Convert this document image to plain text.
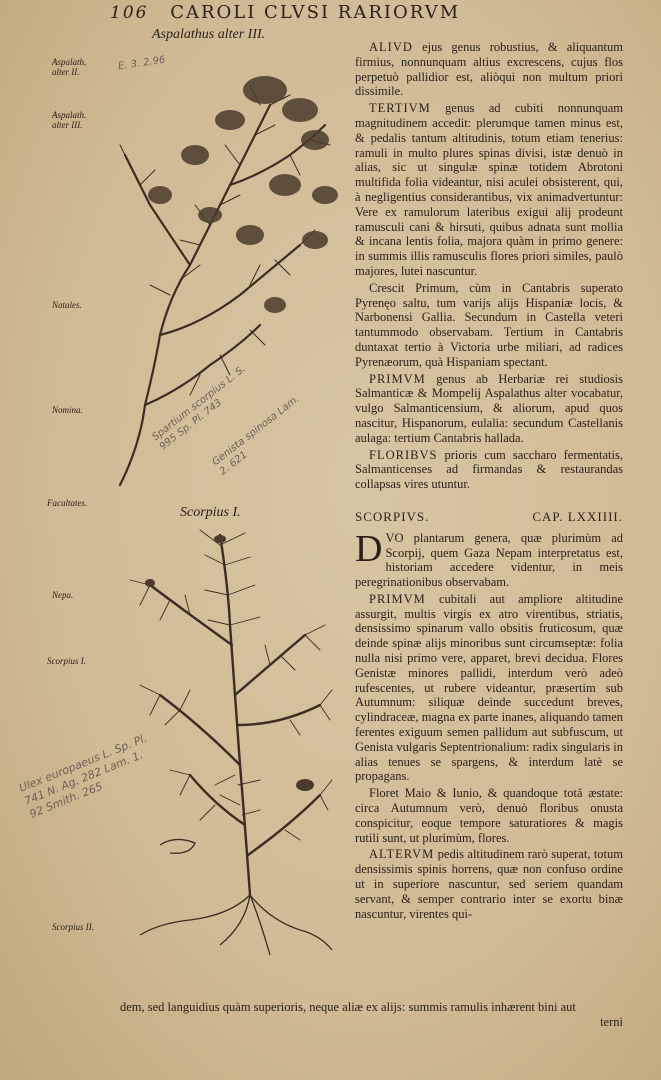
106 CAROLI CLVSI RARIORVM
Aspalathus alter III.
Scorpius I.
Aspalath. alter II.
Aspalath. alter III.
Natales.
Nomina.
Facultates.
Nepa.
Scorpius I.
Scorpius II.
E. 3. 2.96
Spartium scorpius L. S. 995 Sp. Pl. 743
Genista spinosa Lam. 2. 621
Ulex europaeus L. Sp. Pl. 741 N. Ag. 282 Lam. 1. 92 Smith. 265

ALIVD ejus genus robustius, & aliquantum firmius, nonnunquam altius excrescens, cujus flos perpetuò pallidior est, aliòqui non multum priori dissimile.

TERTIVM genus ad cubiti nonnunquam magnitudinem accedit: plerumque tamen minus est, & pedalis tantum altitudinis, totum etiam tenerius: ramuli in multo plures spinas divisi, istæ denuò in alias, sic ut singulæ spinæ totidem Abrotoni multifida folia videantur, nisi aculei obsisterent, qui, à negligentius considerantibus, vix animadvertuntur: Vere ex ramulorum lateribus exigui alij prodeunt ramusculi cani & hirsuti, quibus adnata sunt mollia & incana lentis folia, majora quàm in primo genere: in summis illis ramusculis flores priori similes, paulò majores, lutei nascuntur.

Crescit Primum, cùm in Cantabris superato Pyrenęo saltu, tum varijs alijs Hispaniæ locis, & Narbonensi Gallia. Secundum in Castella veteri tantummodo observabam. Tertium in Cantabris duntaxat tertio à Victoria urbe miliari, ad radices Pyrenæorum, quà Hispaniam spectant.

PRIMVM genus ab Herbariæ rei studiosis Salmanticæ & Mompelij Aspalathus alter vocabatur, vulgo Salmanticensium, & aliorum, apud quos nascitur, Hispanorum, eulalia: secundum Castellanis aulaga: tertium Cantabris hallada.

FLORIBVS prioris cum saccharo fermentatis, Salmanticenses ad firmandas & restaurandas collapsas vires utuntur.

SCORPIVS.	CAP. LXXIIII.

DVO plantarum genera, quæ plurimùm ad Scorpij, quem Gaza Nepam interpretatus est, historiam accedere videntur, in meis peregrinationibus observabam.

PRIMVM cubitali aut ampliore altitudine assurgit, multis virgis ex atro virentibus, striatis, densissimo spinarum vallo obsitis fruticosum, quæ deinde spinæ alijs minoribus sunt circumseptæ: folia nulla nisi primo vere, apparet, brevi decidua. Flores Genistæ minores pallidi, interdum verò adeò rufescentes, ut rubere videantur, præsertim sub Autumnum: siliquæ deinde succedunt breves, cylindraceæ, magna ex parte inanes, aliquando tamen ferentes exiguum semen pallidum aut subfuscum, ut Genista vulgaris Septentrionalium: radix singularis in alias tenues se spargens, & interdum latè se propagans.

Floret Maio & Iunio, & quandoque totâ æstate: circa Autumnum verò, denuò floribus onusta conspicitur, eoque tempore saturatiores & magis rutili sunt, ut plurimùm, flores.

ALTERVM pedis altitudinem rarò superat, totum densissimis spinis horrens, quæ non confuso ordine ut in superiore nascuntur, sed seriem quandam servant, & semper contrario inter se exortu binæ nascuntur, virentes qui-

dem, sed languidius quàm superioris, neque aliæ ex alijs: summis ramulis inhærent bini aut
terni
